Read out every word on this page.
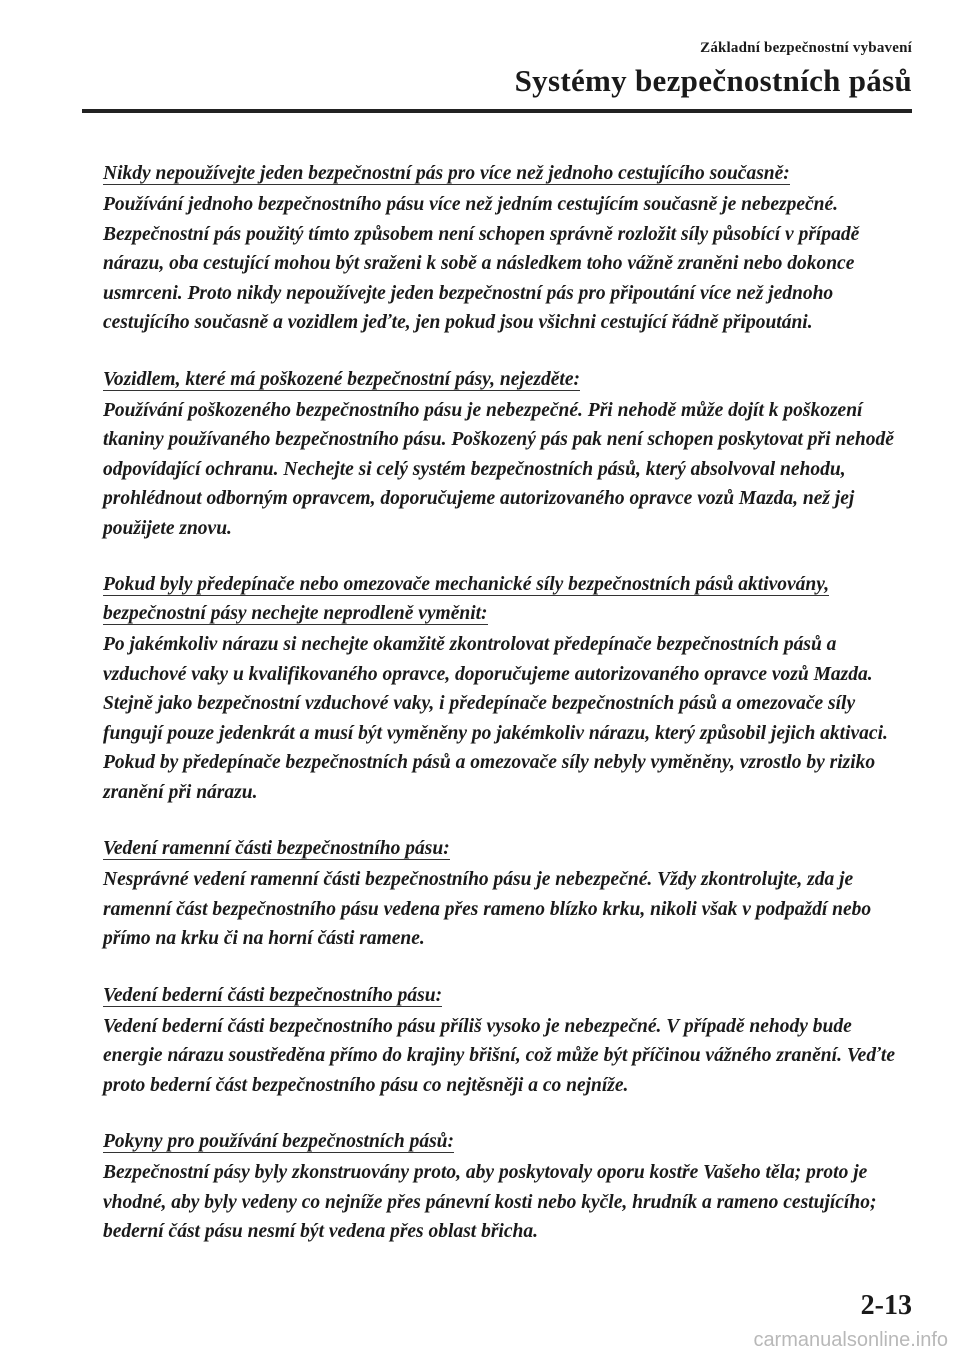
Základní bezpečnostní vybavení
Systémy bezpečnostních pásů

Nikdy nepoužívejte jeden bezpečnostní pás pro více než jednoho cestujícího současně:

Používání jednoho bezpečnostního pásu více než jedním cestujícím současně je nebezpečné. Bezpečnostní pás použitý tímto způsobem není schopen správně rozložit síly působící v případě nárazu, oba cestující mohou být sraženi k sobě a následkem toho vážně zraněni nebo dokonce usmrceni. Proto nikdy nepoužívejte jeden bezpečnostní pás pro připoutání více než jednoho cestujícího současně a vozidlem jeďte, jen pokud jsou všichni cestující řádně připoutáni.

Vozidlem, které má poškozené bezpečnostní pásy, nejezděte:

Používání poškozeného bezpečnostního pásu je nebezpečné. Při nehodě může dojít k poškození tkaniny používaného bezpečnostního pásu. Poškozený pás pak není schopen poskytovat při nehodě odpovídající ochranu. Nechejte si celý systém bezpečnostních pásů, který absolvoval nehodu, prohlédnout odborným opravcem, doporučujeme autorizovaného opravce vozů Mazda, než jej použijete znovu.

Pokud byly předepínače nebo omezovače mechanické síly bezpečnostních pásů aktivovány, bezpečnostní pásy nechejte neprodleně vyměnit:

Po jakémkoliv nárazu si nechejte okamžitě zkontrolovat předepínače bezpečnostních pásů a vzduchové vaky u kvalifikovaného opravce, doporučujeme autorizovaného opravce vozů Mazda. Stejně jako bezpečnostní vzduchové vaky, i předepínače bezpečnostních pásů a omezovače síly fungují pouze jedenkrát a musí být vyměněny po jakémkoliv nárazu, který způsobil jejich aktivaci. Pokud by předepínače bezpečnostních pásů a omezovače síly nebyly vyměněny, vzrostlo by riziko zranění při nárazu.

Vedení ramenní části bezpečnostního pásu:

Nesprávné vedení ramenní části bezpečnostního pásu je nebezpečné. Vždy zkontrolujte, zda je ramenní část bezpečnostního pásu vedena přes rameno blízko krku, nikoli však v podpaždí nebo přímo na krku či na horní části ramene.

Vedení bederní části bezpečnostního pásu:

Vedení bederní části bezpečnostního pásu příliš vysoko je nebezpečné. V případě nehody bude energie nárazu soustředěna přímo do krajiny břišní, což může být příčinou vážného zranění. Veďte proto bederní část bezpečnostního pásu co nejtěsněji a co nejníže.

Pokyny pro používání bezpečnostních pásů:

Bezpečnostní pásy byly zkonstruovány proto, aby poskytovaly oporu kostře Vašeho těla; proto je vhodné, aby byly vedeny co nejníže přes pánevní kosti nebo kyčle, hrudník a rameno cestujícího; bederní část pásu nesmí být vedena přes oblast břicha.

2-13
carmanualsonline.info
